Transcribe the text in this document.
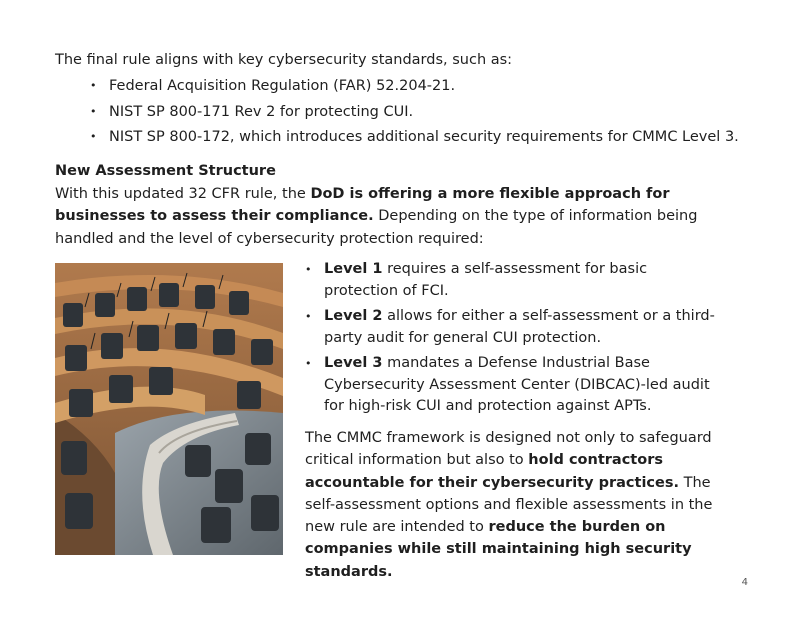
The final rule aligns with key cybersecurity standards, such as:
• Federal Acquisition Regulation (FAR) 52.204-21.
• NIST SP 800-171 Rev 2 for protecting CUI.
• NIST SP 800-172, which introduces additional security requirements for CMMC Level 3.
New Assessment Structure

With this updated 32 CFR rule, the DoD is offering a more flexible approach for businesses to assess their compliance. Depending on the type of information being handled and the level of cybersecurity protection required:

• Level 1 requires a self-assessment for basic protection of FCI.
• Level 2 allows for either a self-assessment or a third-party audit for general CUI protection.
• Level 3 mandates a Defense Industrial Base Cybersecurity Assessment Center (DIBCAC)-led audit for high-risk CUI and protection against APTs.

The CMMC framework is designed not only to safeguard critical information but also to hold contractors accountable for their cybersecurity practices. The self-assessment options and flexible assessments in the new rule are intended to reduce the burden on companies while still maintaining high security standards.

4
